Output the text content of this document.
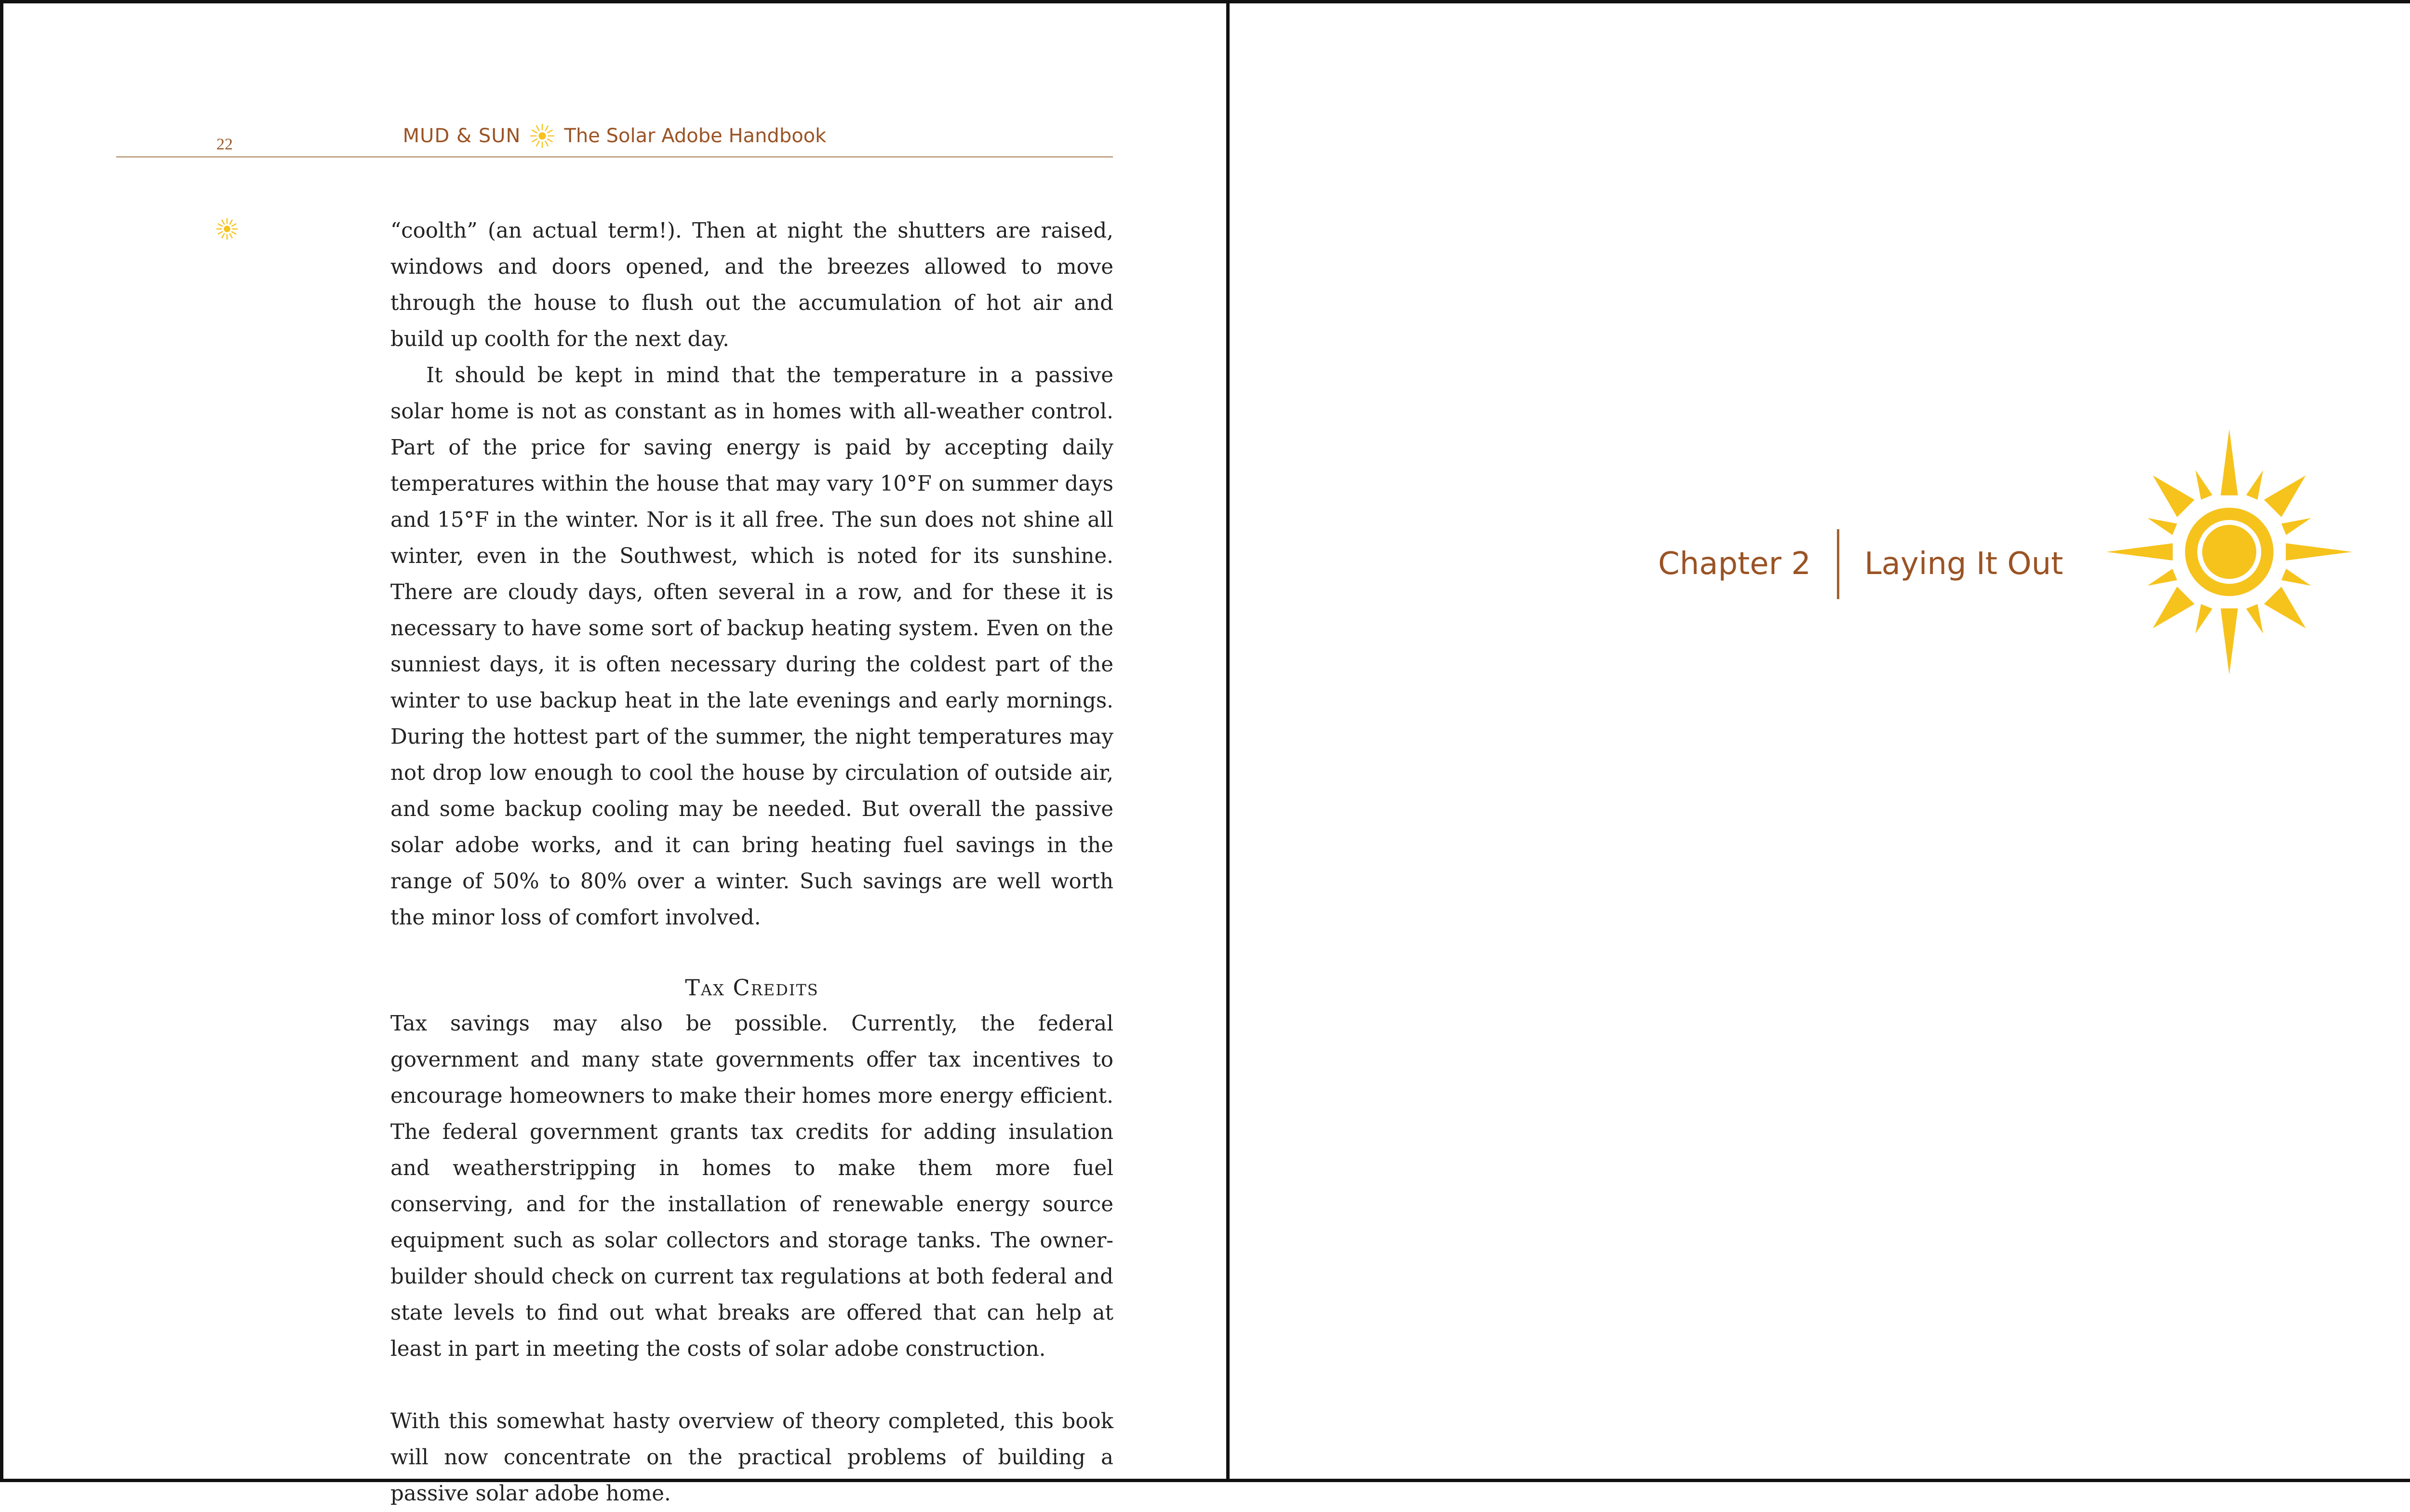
22	MUD & SUN The Solar Adobe Handbook

“coolth” (an actual term!). Then at night the shutters are raised, windows and doors opened, and the breezes allowed to move through the house to flush out the accumulation of hot air and build up coolth for the next day.

It should be kept in mind that the temperature in a passive solar home is not as constant as in homes with all-weather control. Part of the price for saving energy is paid by accepting daily temperatures within the house that may vary 10°F on summer days and 15°F in the winter. Nor is it all free. The sun does not shine all winter, even in the Southwest, which is noted for its sunshine. There are cloudy days, often several in a row, and for these it is necessary to have some sort of backup heating system. Even on the sunniest days, it is often necessary during the coldest part of the winter to use backup heat in the late evenings and early mornings. During the hottest part of the summer, the night temperatures may not drop low enough to cool the house by circulation of outside air, and some backup cooling may be needed. But overall the passive solar adobe works, and it can bring heating fuel savings in the range of 50% to 80% over a winter. Such savings are well worth the minor loss of comfort involved.

Tax Credits

Tax savings may also be possible. Currently, the federal government and many state governments offer tax incentives to encourage homeowners to make their homes more energy efficient. The federal government grants tax credits for adding insulation and weatherstripping in homes to make them more fuel conserving, and for the installation of renewable energy source equipment such as solar collectors and storage tanks. The owner-builder should check on current tax regulations at both federal and state levels to find out what breaks are offered that can help at least in part in meeting the costs of solar adobe construction.

With this somewhat hasty overview of theory completed, this book will now concentrate on the practical problems of building a passive solar adobe home.

Chapter 2 Laying It Out
